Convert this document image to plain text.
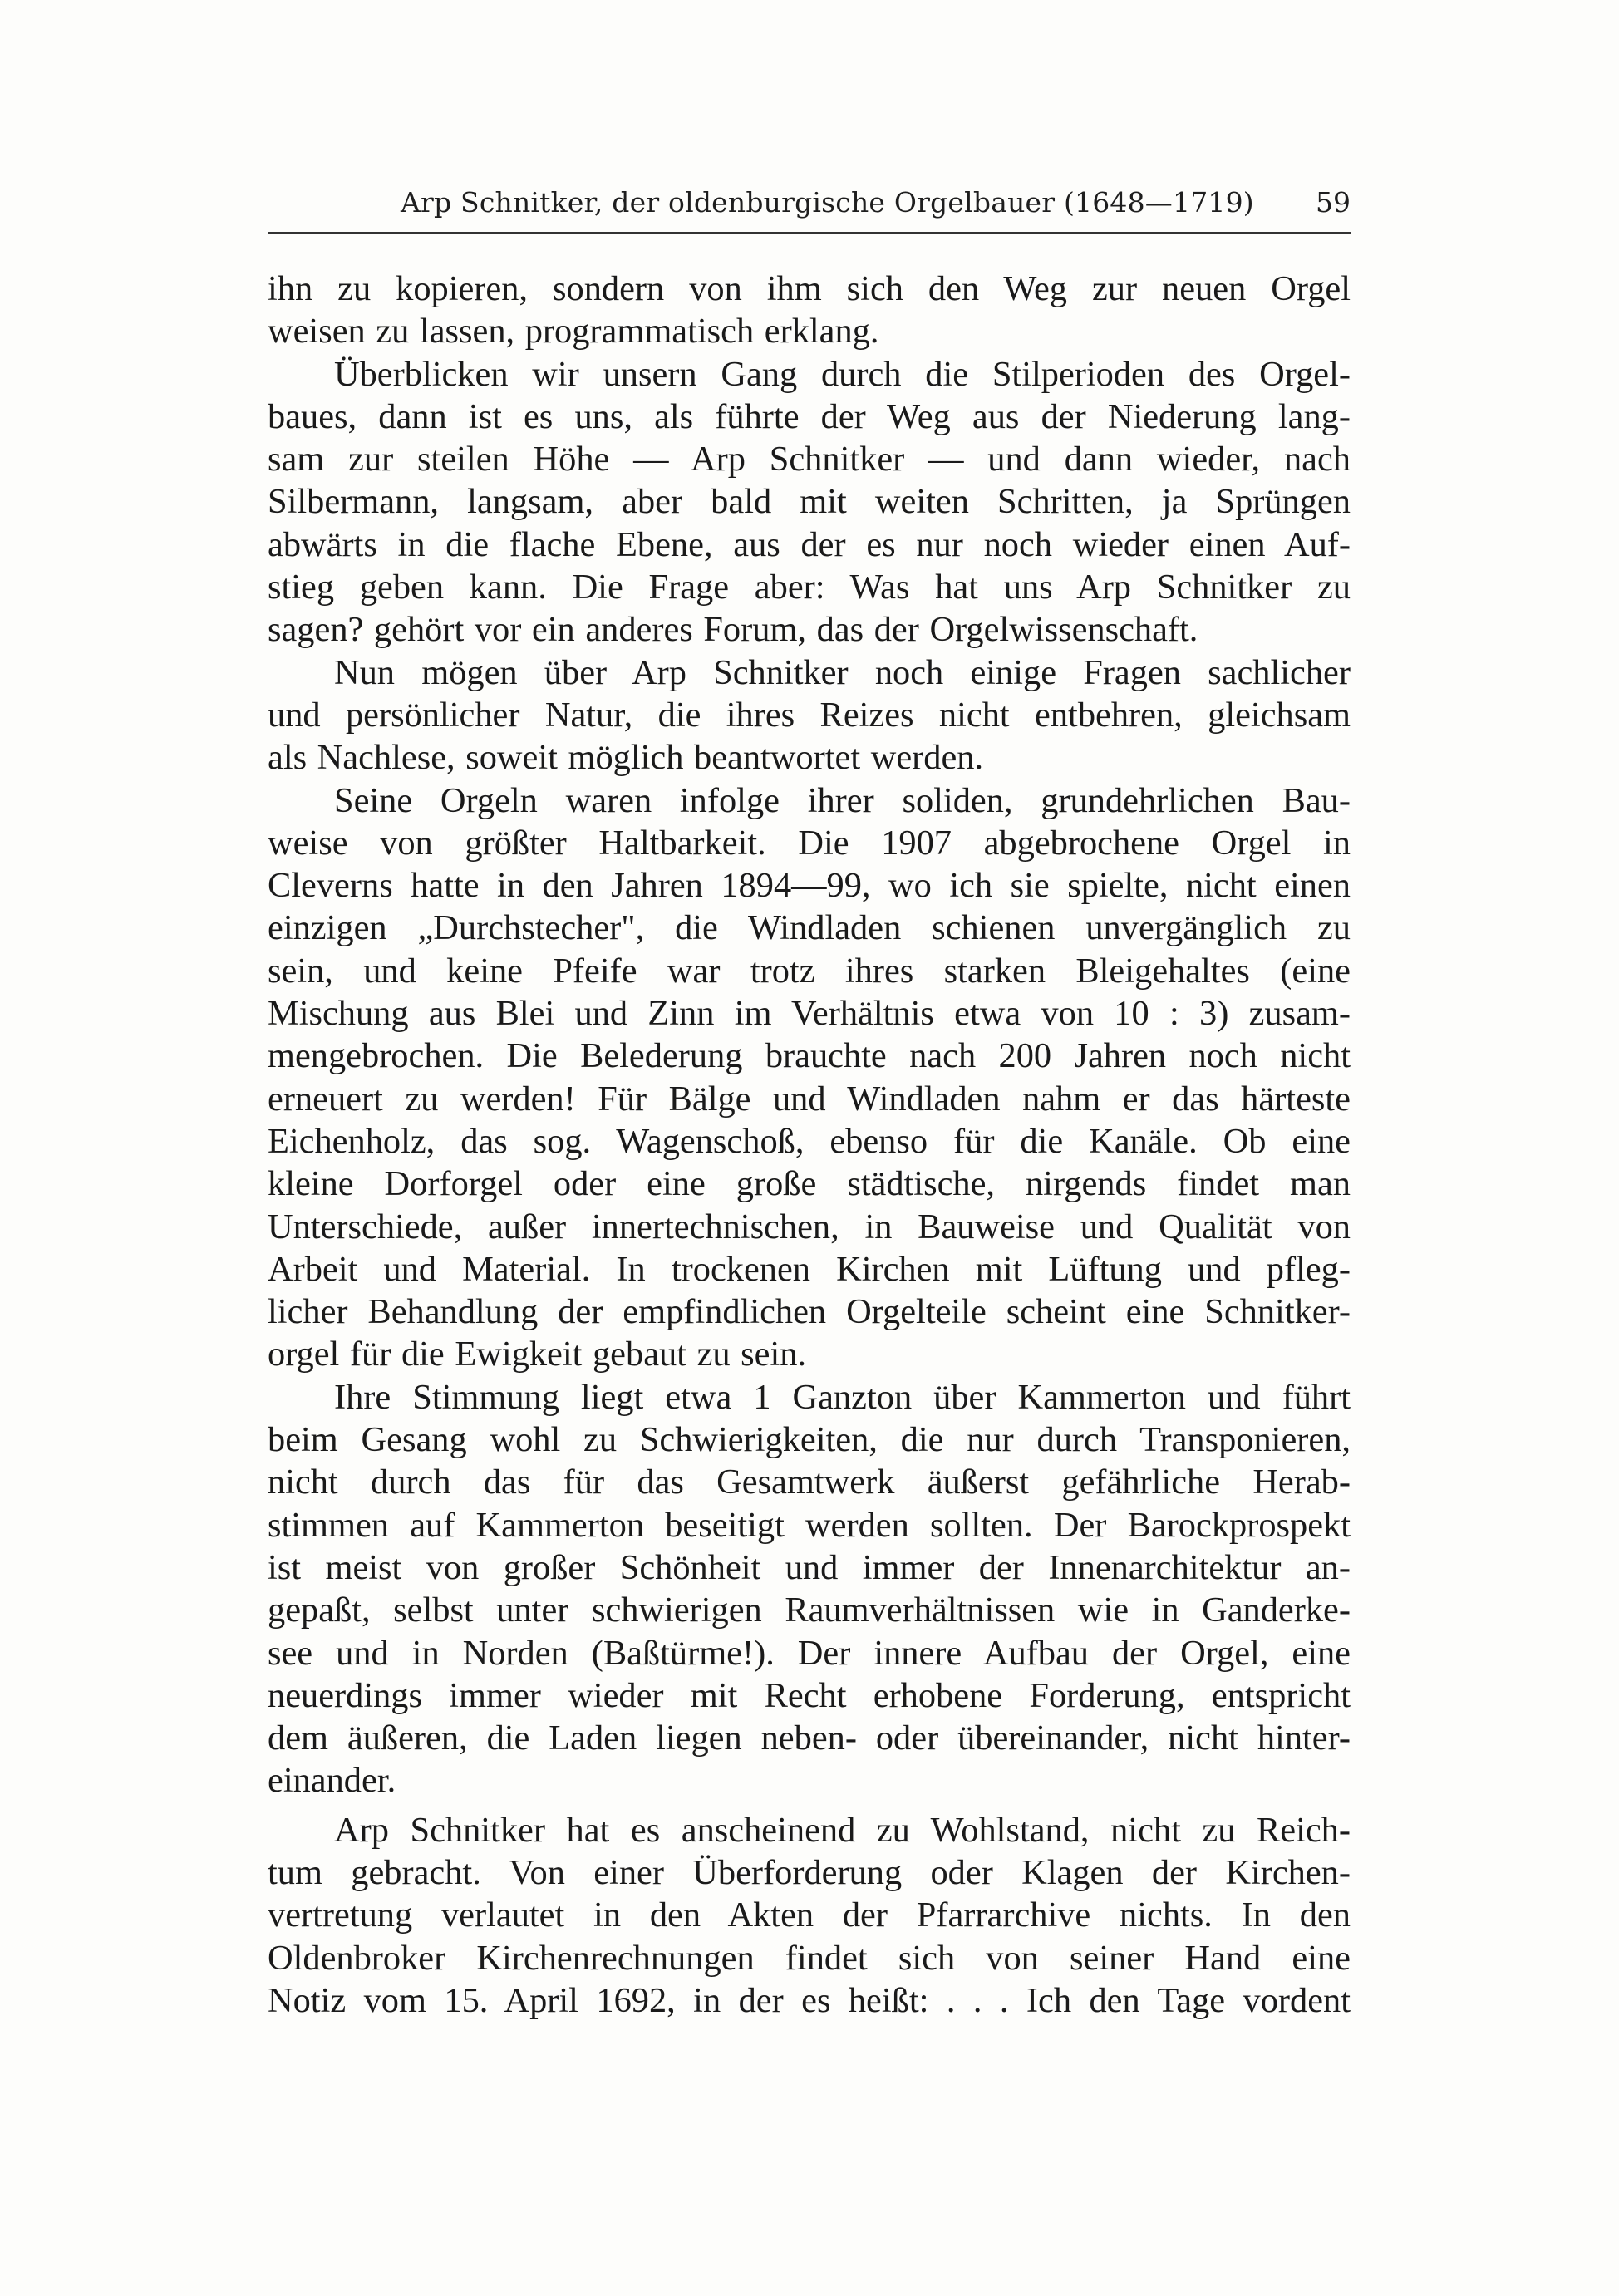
Arp Schnitker, der oldenburgische Orgelbauer (1648—1719) 59

ihn zu kopieren, sondern von ihm sich den Weg zur neuen Orgel
weisen zu lassen, programmatisch erklang.

Überblicken wir unsern Gang durch die Stilperioden des Orgel-
baues, dann ist es uns, als führte der Weg aus der Niederung lang-
sam zur steilen Höhe — Arp Schnitker — und dann wieder, nach
Silbermann, langsam, aber bald mit weiten Schritten, ja Sprüngen
abwärts in die flache Ebene, aus der es nur noch wieder einen Auf-
stieg geben kann. Die Frage aber: Was hat uns Arp Schnitker zu
sagen? gehört vor ein anderes Forum, das der Orgelwissenschaft.

Nun mögen über Arp Schnitker noch einige Fragen sachlicher
und persönlicher Natur, die ihres Reizes nicht entbehren, gleichsam
als Nachlese, soweit möglich beantwortet werden.

Seine Orgeln waren infolge ihrer soliden, grundehrlichen Bau-
weise von größter Haltbarkeit. Die 1907 abgebrochene Orgel in
Cleverns hatte in den Jahren 1894—99, wo ich sie spielte, nicht einen
einzigen „Durchstecher", die Windladen schienen unvergänglich zu
sein, und keine Pfeife war trotz ihres starken Bleigehaltes (eine
Mischung aus Blei und Zinn im Verhältnis etwa von 10 : 3) zusam-
mengebrochen. Die Belederung brauchte nach 200 Jahren noch nicht
erneuert zu werden! Für Bälge und Windladen nahm er das härteste
Eichenholz, das sog. Wagenschoß, ebenso für die Kanäle. Ob eine
kleine Dorforgel oder eine große städtische, nirgends findet man
Unterschiede, außer innertechnischen, in Bauweise und Qualität von
Arbeit und Material. In trockenen Kirchen mit Lüftung und pfleg-
licher Behandlung der empfindlichen Orgelteile scheint eine Schnitker-
orgel für die Ewigkeit gebaut zu sein.

Ihre Stimmung liegt etwa 1 Ganzton über Kammerton und führt
beim Gesang wohl zu Schwierigkeiten, die nur durch Transponieren,
nicht durch das für das Gesamtwerk äußerst gefährliche Herab-
stimmen auf Kammerton beseitigt werden sollten. Der Barockprospekt
ist meist von großer Schönheit und immer der Innenarchitektur an-
gepaßt, selbst unter schwierigen Raumverhältnissen wie in Ganderke-
see und in Norden (Baßtürme!). Der innere Aufbau der Orgel, eine
neuerdings immer wieder mit Recht erhobene Forderung, entspricht
dem äußeren, die Laden liegen neben- oder übereinander, nicht hinter-
einander.

Arp Schnitker hat es anscheinend zu Wohlstand, nicht zu Reich-
tum gebracht. Von einer Überforderung oder Klagen der Kirchen-
vertretung verlautet in den Akten der Pfarrarchive nichts. In den
Oldenbroker Kirchenrechnungen findet sich von seiner Hand eine
Notiz vom 15. April 1692, in der es heißt: . . . Ich den Tage vordent
